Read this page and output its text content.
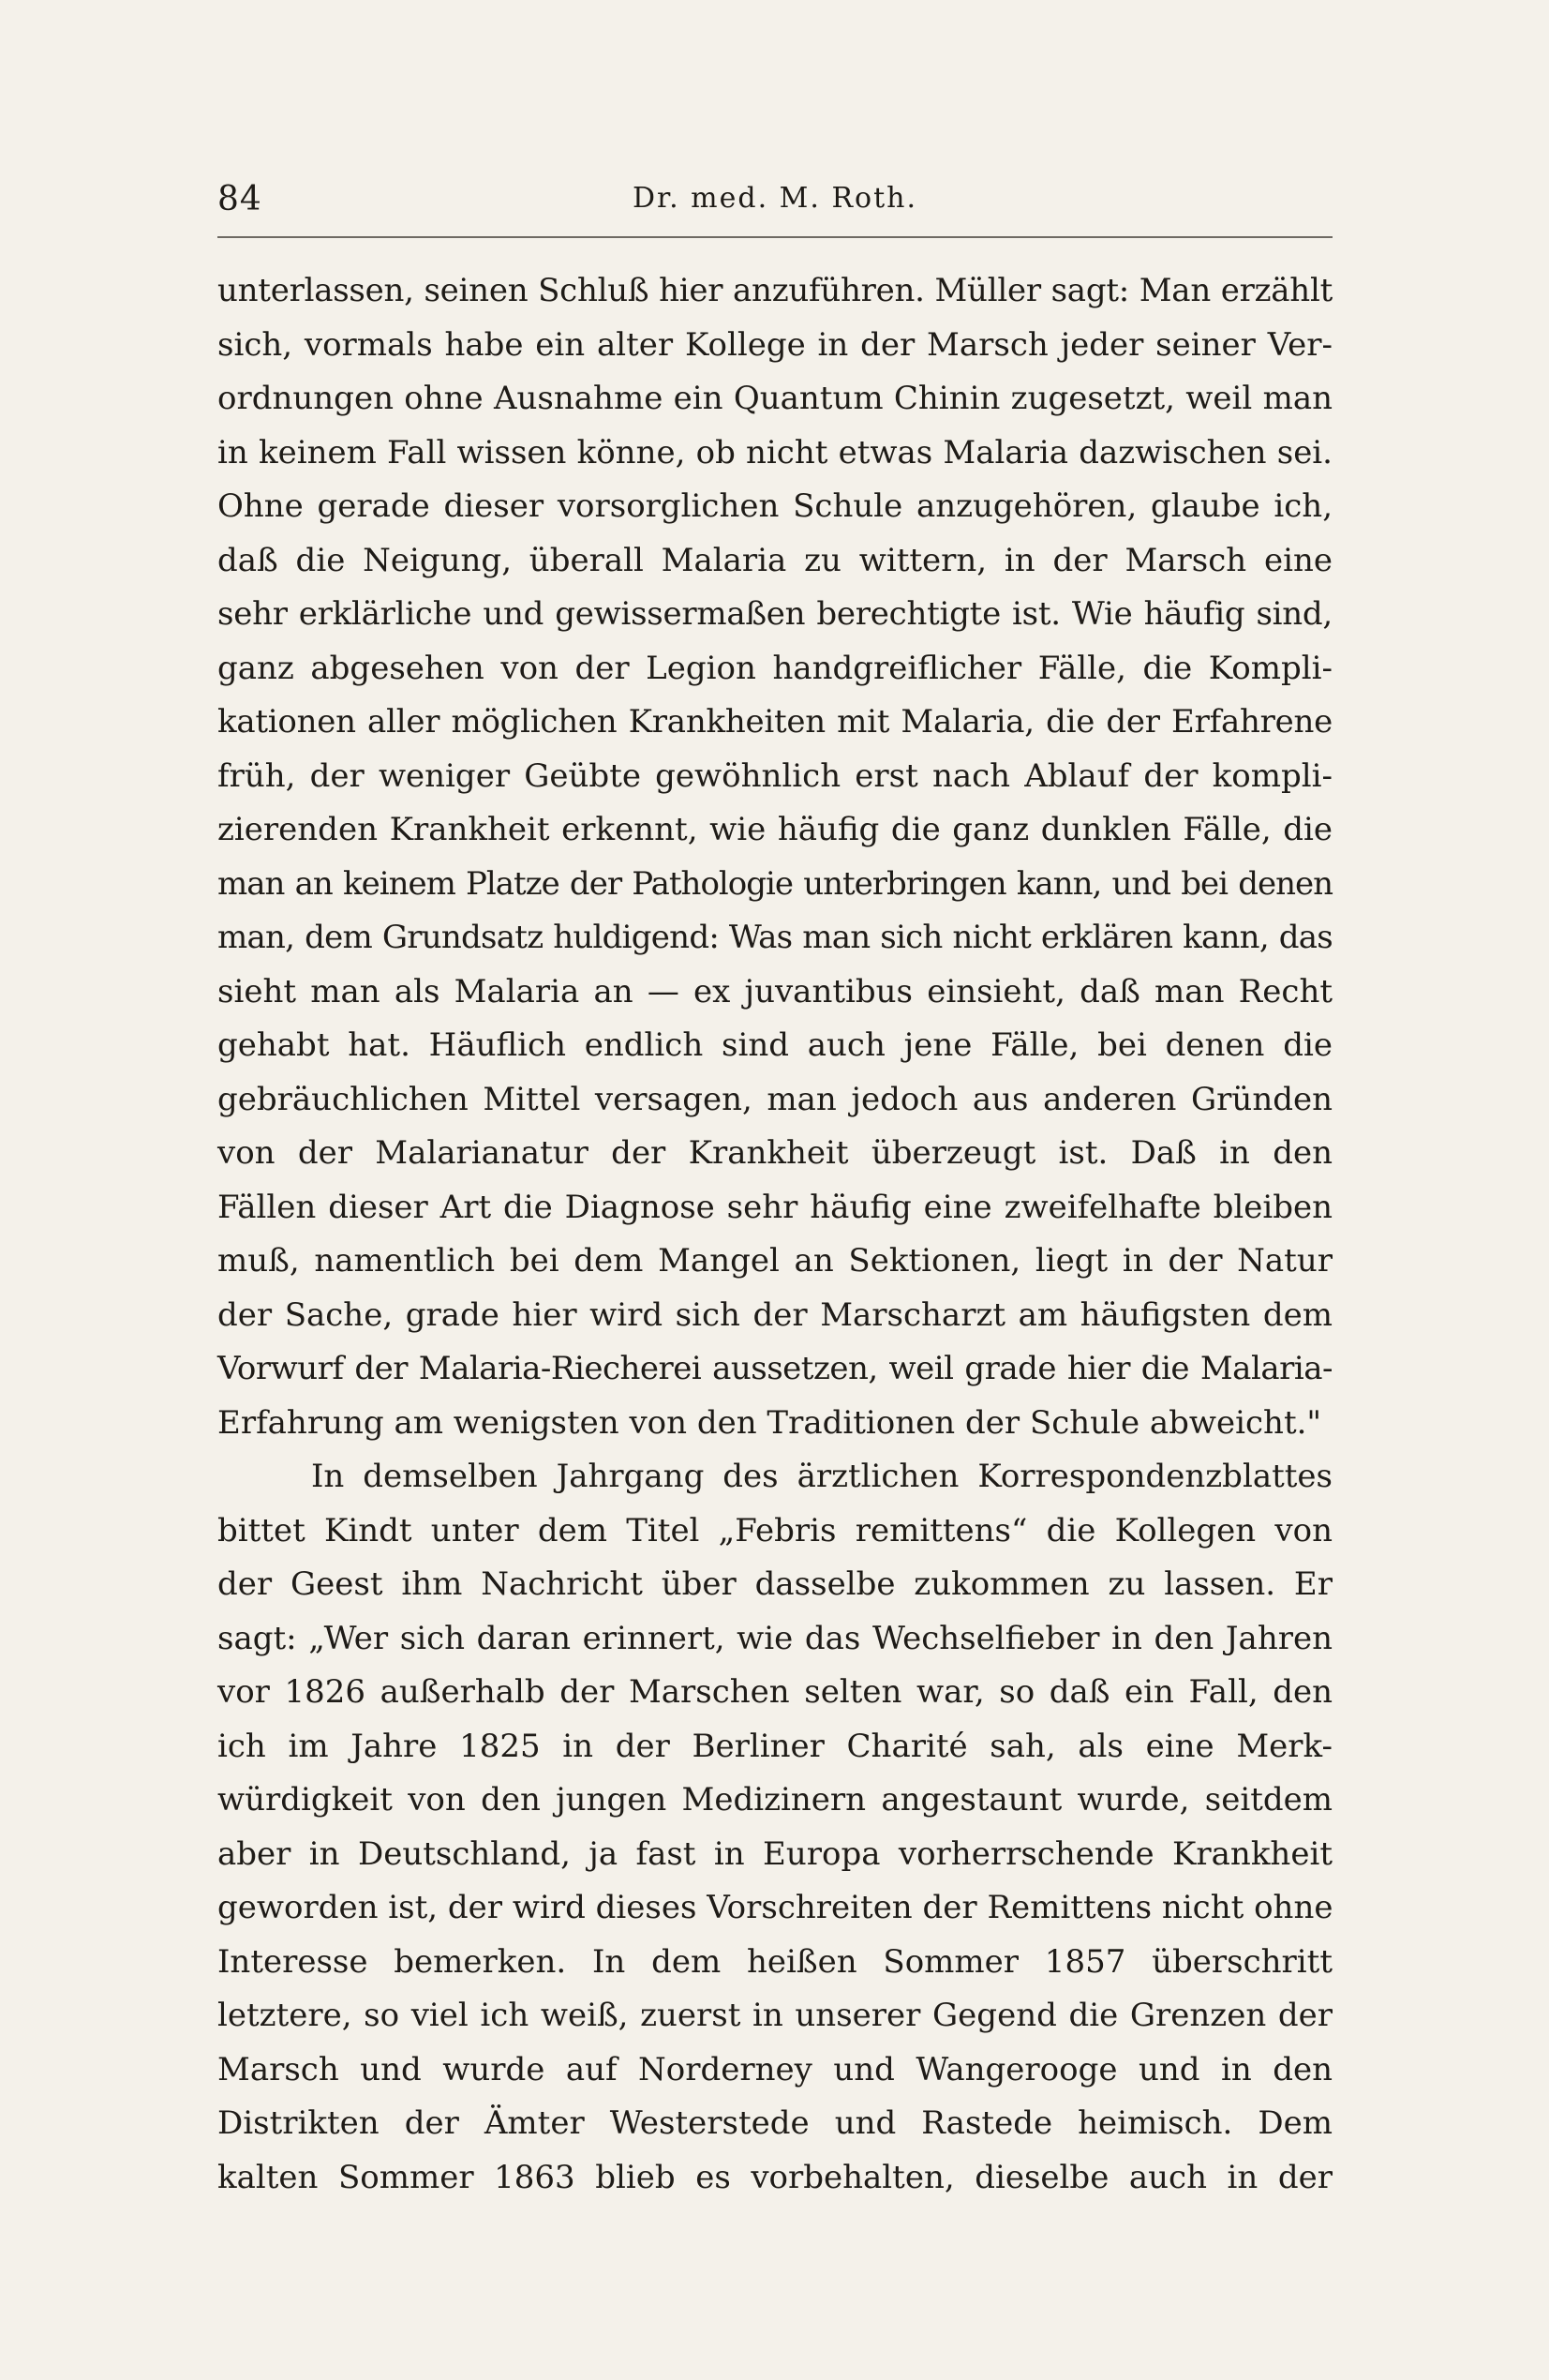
84	Dr. med. M. Roth.
unterlassen, seinen Schluß hier anzuführen. Müller sagt: Man erzählt
sich, vormals habe ein alter Kollege in der Marsch jeder seiner Ver-
ordnungen ohne Ausnahme ein Quantum Chinin zugesetzt, weil man
in keinem Fall wissen könne, ob nicht etwas Malaria dazwischen sei.
Ohne gerade dieser vorsorglichen Schule anzugehören, glaube ich,
daß die Neigung, überall Malaria zu wittern, in der Marsch eine
sehr erklärliche und gewissermaßen berechtigte ist. Wie häufig sind,
ganz abgesehen von der Legion handgreiflicher Fälle, die Kompli-
kationen aller möglichen Krankheiten mit Malaria, die der Erfahrene
früh, der weniger Geübte gewöhnlich erst nach Ablauf der kompli-
zierenden Krankheit erkennt, wie häufig die ganz dunklen Fälle, die
man an keinem Platze der Pathologie unterbringen kann, und bei denen
man, dem Grundsatz huldigend: Was man sich nicht erklären kann, das
sieht man als Malaria an — ex juvantibus einsieht, daß man Recht
gehabt hat. Häuflich endlich sind auch jene Fälle, bei denen die
gebräuchlichen Mittel versagen, man jedoch aus anderen Gründen
von der Malarianatur der Krankheit überzeugt ist. Daß in den
Fällen dieser Art die Diagnose sehr häufig eine zweifelhafte bleiben
muß, namentlich bei dem Mangel an Sektionen, liegt in der Natur
der Sache, grade hier wird sich der Marscharzt am häufigsten dem
Vorwurf der Malaria-Riecherei aussetzen, weil grade hier die Malaria-
Erfahrung am wenigsten von den Traditionen der Schule abweicht."
In demselben Jahrgang des ärztlichen Korrespondenzblattes
bittet Kindt unter dem Titel „Febris remittens“ die Kollegen von
der Geest ihm Nachricht über dasselbe zukommen zu lassen. Er
sagt: „Wer sich daran erinnert, wie das Wechselfieber in den Jahren
vor 1826 außerhalb der Marschen selten war, so daß ein Fall, den
ich im Jahre 1825 in der Berliner Charité sah, als eine Merk-
würdigkeit von den jungen Medizinern angestaunt wurde, seitdem
aber in Deutschland, ja fast in Europa vorherrschende Krankheit
geworden ist, der wird dieses Vorschreiten der Remittens nicht ohne
Interesse bemerken. In dem heißen Sommer 1857 überschritt
letztere, so viel ich weiß, zuerst in unserer Gegend die Grenzen der
Marsch und wurde auf Norderney und Wangerooge und in den
Distrikten der Ämter Westerstede und Rastede heimisch. Dem
kalten Sommer 1863 blieb es vorbehalten, dieselbe auch in der
